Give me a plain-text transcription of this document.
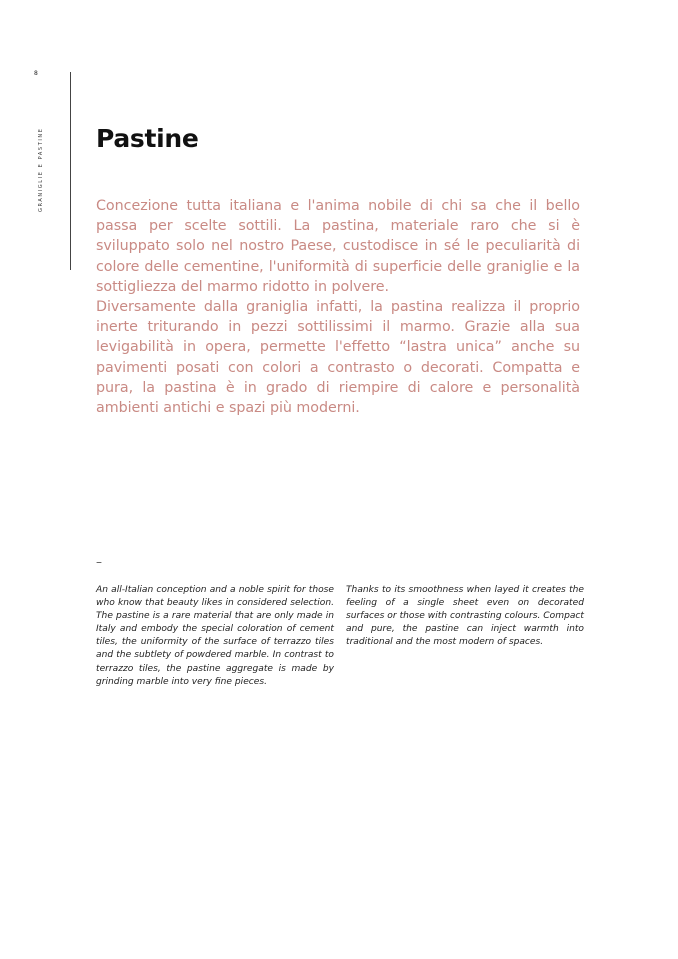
8
GRANIGLIE E PASTINE Pastine

Concezione tutta italiana e l'anima nobile di chi sa che il bello passa per scelte sottili. La pastina, materiale raro che si è sviluppato solo nel nostro Paese, custodisce in sé le peculiarità di colore delle cementine, l'uniformità di superficie delle graniglie e la sottigliezza del marmo ridotto in polvere.

Diversamente dalla graniglia infatti, la pastina realizza il proprio inerte triturando in pezzi sottilissimi il marmo. Grazie alla sua levigabilità in opera, permette l'effetto “lastra unica” anche su pavimenti posati con colori a contrasto o decorati. Compatta e pura, la pastina è in grado di riempire di calore e personalità ambienti antichi e spazi più moderni.

–

An all-Italian conception and a noble spirit for those who know that beauty likes in considered selection. The pastine is a rare material that are only made in Italy and embody the special coloration of cement tiles, the uniformity of the surface of terrazzo tiles and the subtlety of powdered marble. In contrast to terrazzo tiles, the pastine aggregate is made by grinding marble into very fine pieces.

Thanks to its smoothness when layed it creates the feeling of a single sheet even on decorated surfaces or those with contrasting colours. Compact and pure, the pastine can inject warmth into traditional and the most modern of spaces.
